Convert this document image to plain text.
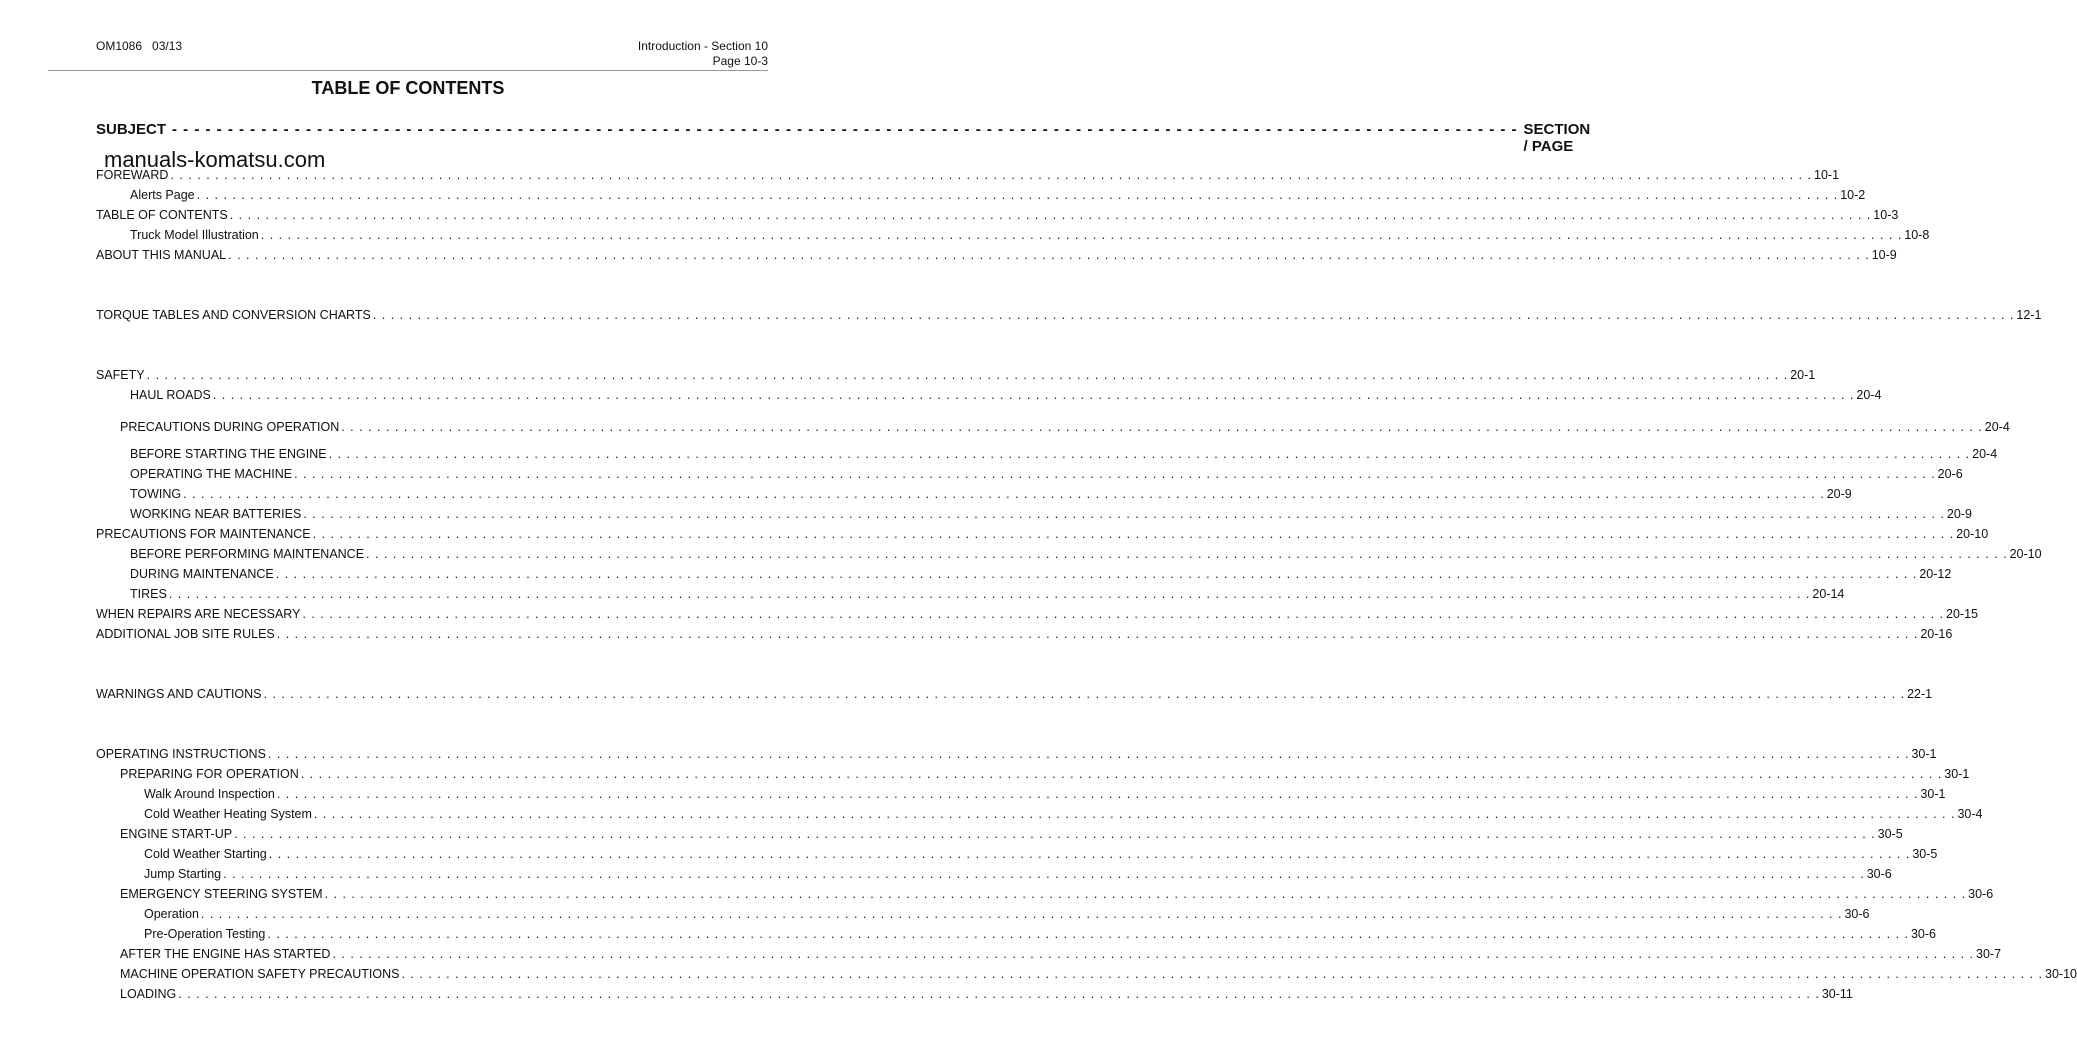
OM1086   03/13	Introduction - Section 10
Page 10-3
TABLE OF CONTENTS
SUBJECT - - - - - - - - - - - - - - - - - - - - - - - - - - - - - - - - - - - - - - - - - - - - - - - - - - - - - - - - - - - - - - - - - - - - - - - - - - - - - - - - - - - - - - - - - - - - - - - - - - - - - - - - - - - - - - - - - - - - - - - - - SECTION / PAGE
manuals-komatsu.com
FOREWARD . . . . . . . . . . . . . . . . . . . . . . . . . . . . . . . . . . . . . . . . . . . . . . . . . . . . . . . . . . . . . . . . . . . . . . . . . . . . . . . . . . . . . . . . . . . . . . . . . . . . . . . . . . . . . . . . . . . . . . . . . . . . . . . . . . . . . . . . . . . . . . . . . . . . . . . . . . . . . . . . . . . . . . . . . . . . . . . . . . . . . . . . 10-1
Alerts Page . . . . . . . . . . . . . . . . . . . . . . . . . . . . . . . . . . . . . . . . . . . . . . . . . . . . . . . . . . . . . . . . . . . . . . . . . . . . . . . . . . . . . . . . . . . . . . . . . . . . . . . . . . . . . . . . . . . . . . . . . . . . . . . . . . . . . . . . . . . . . . . . . . . . . . . . . . . . . . . . . . . . . . . . . . . . . . . . . . . . . . . . 10-2
TABLE OF CONTENTS . . . . . . . . . . . . . . . . . . . . . . . . . . . . . . . . . . . . . . . . . . . . . . . . . . . . . . . . . . . . . . . . . . . . . . . . . . . . . . . . . . . . . . . . . . . . . . . . . . . . . . . . . . . . . . . . . . . . . . . . . . . . . . . . . . . . . . . . . . . . . . . . . . . . . . . . . . . . . . . . . . . . . . . . . . . . . . . . . . . . . . . . 10-3
Truck Model Illustration . . . . . . . . . . . . . . . . . . . . . . . . . . . . . . . . . . . . . . . . . . . . . . . . . . . . . . . . . . . . . . . . . . . . . . . . . . . . . . . . . . . . . . . . . . . . . . . . . . . . . . . . . . . . . . . . . . . . . . . . . . . . . . . . . . . . . . . . . . . . . . . . . . . . . . . . . . . . . . . . . . . . . . . . . . . . . . . . . . . . . . . . 10-8
ABOUT THIS MANUAL . . . . . . . . . . . . . . . . . . . . . . . . . . . . . . . . . . . . . . . . . . . . . . . . . . . . . . . . . . . . . . . . . . . . . . . . . . . . . . . . . . . . . . . . . . . . . . . . . . . . . . . . . . . . . . . . . . . . . . . . . . . . . . . . . . . . . . . . . . . . . . . . . . . . . . . . . . . . . . . . . . . . . . . . . . . . . . . . . . . . . . . . 10-9
TORQUE TABLES AND CONVERSION CHARTS . . . . . . . . . . . . . . . . . . . . . . . . . . . . . . . . . . . . . . . . . . . . . . . . . . . . . . . . . . . . . . . . . . . . . . . . . . . . . . . . . . . . . . . . . . . . . . . . . . . . . . . . . . . . . . . . . . . . . . . . . . . . . . . . . . . . . . . . . . . . . . . . . . . . . . . . . . . . . . . . . . . . . . . . . . . . . . . . . . . . . . . . 12-1
SAFETY . . . . . . . . . . . . . . . . . . . . . . . . . . . . . . . . . . . . . . . . . . . . . . . . . . . . . . . . . . . . . . . . . . . . . . . . . . . . . . . . . . . . . . . . . . . . . . . . . . . . . . . . . . . . . . . . . . . . . . . . . . . . . . . . . . . . . . . . . . . . . . . . . . . . . . . . . . . . . . . . . . . . . . . . . . . . . . . . . . . . . . . . 20-1
HAUL ROADS . . . . . . . . . . . . . . . . . . . . . . . . . . . . . . . . . . . . . . . . . . . . . . . . . . . . . . . . . . . . . . . . . . . . . . . . . . . . . . . . . . . . . . . . . . . . . . . . . . . . . . . . . . . . . . . . . . . . . . . . . . . . . . . . . . . . . . . . . . . . . . . . . . . . . . . . . . . . . . . . . . . . . . . . . . . . . . . . . . . . . . . . 20-4
PRECAUTIONS DURING OPERATION . . . . . . . . . . . . . . . . . . . . . . . . . . . . . . . . . . . . . . . . . . . . . . . . . . . . . . . . . . . . . . . . . . . . . . . . . . . . . . . . . . . . . . . . . . . . . . . . . . . . . . . . . . . . . . . . . . . . . . . . . . . . . . . . . . . . . . . . . . . . . . . . . . . . . . . . . . . . . . . . . . . . . . . . . . . . . . . . . . . . . . . . 20-4
BEFORE STARTING THE ENGINE . . . . . . . . . . . . . . . . . . . . . . . . . . . . . . . . . . . . . . . . . . . . . . . . . . . . . . . . . . . . . . . . . . . . . . . . . . . . . . . . . . . . . . . . . . . . . . . . . . . . . . . . . . . . . . . . . . . . . . . . . . . . . . . . . . . . . . . . . . . . . . . . . . . . . . . . . . . . . . . . . . . . . . . . . . . . . . . . . . . . . . . . 20-4
OPERATING THE MACHINE . . . . . . . . . . . . . . . . . . . . . . . . . . . . . . . . . . . . . . . . . . . . . . . . . . . . . . . . . . . . . . . . . . . . . . . . . . . . . . . . . . . . . . . . . . . . . . . . . . . . . . . . . . . . . . . . . . . . . . . . . . . . . . . . . . . . . . . . . . . . . . . . . . . . . . . . . . . . . . . . . . . . . . . . . . . . . . . . . . . . . . . . 20-6
TOWING . . . . . . . . . . . . . . . . . . . . . . . . . . . . . . . . . . . . . . . . . . . . . . . . . . . . . . . . . . . . . . . . . . . . . . . . . . . . . . . . . . . . . . . . . . . . . . . . . . . . . . . . . . . . . . . . . . . . . . . . . . . . . . . . . . . . . . . . . . . . . . . . . . . . . . . . . . . . . . . . . . . . . . . . . . . . . . . . . . . . . . . . 20-9
WORKING NEAR BATTERIES . . . . . . . . . . . . . . . . . . . . . . . . . . . . . . . . . . . . . . . . . . . . . . . . . . . . . . . . . . . . . . . . . . . . . . . . . . . . . . . . . . . . . . . . . . . . . . . . . . . . . . . . . . . . . . . . . . . . . . . . . . . . . . . . . . . . . . . . . . . . . . . . . . . . . . . . . . . . . . . . . . . . . . . . . . . . . . . . . . . . . . . . 20-9
PRECAUTIONS FOR MAINTENANCE . . . . . . . . . . . . . . . . . . . . . . . . . . . . . . . . . . . . . . . . . . . . . . . . . . . . . . . . . . . . . . . . . . . . . . . . . . . . . . . . . . . . . . . . . . . . . . . . . . . . . . . . . . . . . . . . . . . . . . . . . . . . . . . . . . . . . . . . . . . . . . . . . . . . . . . . . . . . . . . . . . . . . . . . . . . . . . . . . . . . . . . . 20-10
BEFORE PERFORMING MAINTENANCE . . . . . . . . . . . . . . . . . . . . . . . . . . . . . . . . . . . . . . . . . . . . . . . . . . . . . . . . . . . . . . . . . . . . . . . . . . . . . . . . . . . . . . . . . . . . . . . . . . . . . . . . . . . . . . . . . . . . . . . . . . . . . . . . . . . . . . . . . . . . . . . . . . . . . . . . . . . . . . . . . . . . . . . . . . . . . . . . . . . . . . . . 20-10
DURING MAINTENANCE . . . . . . . . . . . . . . . . . . . . . . . . . . . . . . . . . . . . . . . . . . . . . . . . . . . . . . . . . . . . . . . . . . . . . . . . . . . . . . . . . . . . . . . . . . . . . . . . . . . . . . . . . . . . . . . . . . . . . . . . . . . . . . . . . . . . . . . . . . . . . . . . . . . . . . . . . . . . . . . . . . . . . . . . . . . . . . . . . . . . . . . . 20-12
TIRES . . . . . . . . . . . . . . . . . . . . . . . . . . . . . . . . . . . . . . . . . . . . . . . . . . . . . . . . . . . . . . . . . . . . . . . . . . . . . . . . . . . . . . . . . . . . . . . . . . . . . . . . . . . . . . . . . . . . . . . . . . . . . . . . . . . . . . . . . . . . . . . . . . . . . . . . . . . . . . . . . . . . . . . . . . . . . . . . . . . . . . . . 20-14
WHEN REPAIRS ARE NECESSARY . . . . . . . . . . . . . . . . . . . . . . . . . . . . . . . . . . . . . . . . . . . . . . . . . . . . . . . . . . . . . . . . . . . . . . . . . . . . . . . . . . . . . . . . . . . . . . . . . . . . . . . . . . . . . . . . . . . . . . . . . . . . . . . . . . . . . . . . . . . . . . . . . . . . . . . . . . . . . . . . . . . . . . . . . . . . . . . . . . . . . . . . 20-15
ADDITIONAL JOB SITE RULES . . . . . . . . . . . . . . . . . . . . . . . . . . . . . . . . . . . . . . . . . . . . . . . . . . . . . . . . . . . . . . . . . . . . . . . . . . . . . . . . . . . . . . . . . . . . . . . . . . . . . . . . . . . . . . . . . . . . . . . . . . . . . . . . . . . . . . . . . . . . . . . . . . . . . . . . . . . . . . . . . . . . . . . . . . . . . . . . . . . . . . . . 20-16
WARNINGS AND CAUTIONS . . . . . . . . . . . . . . . . . . . . . . . . . . . . . . . . . . . . . . . . . . . . . . . . . . . . . . . . . . . . . . . . . . . . . . . . . . . . . . . . . . . . . . . . . . . . . . . . . . . . . . . . . . . . . . . . . . . . . . . . . . . . . . . . . . . . . . . . . . . . . . . . . . . . . . . . . . . . . . . . . . . . . . . . . . . . . . . . . . . . . . . . 22-1
OPERATING INSTRUCTIONS . . . . . . . . . . . . . . . . . . . . . . . . . . . . . . . . . . . . . . . . . . . . . . . . . . . . . . . . . . . . . . . . . . . . . . . . . . . . . . . . . . . . . . . . . . . . . . . . . . . . . . . . . . . . . . . . . . . . . . . . . . . . . . . . . . . . . . . . . . . . . . . . . . . . . . . . . . . . . . . . . . . . . . . . . . . . . . . . . . . . . . . . 30-1
PREPARING FOR OPERATION . . . . . . . . . . . . . . . . . . . . . . . . . . . . . . . . . . . . . . . . . . . . . . . . . . . . . . . . . . . . . . . . . . . . . . . . . . . . . . . . . . . . . . . . . . . . . . . . . . . . . . . . . . . . . . . . . . . . . . . . . . . . . . . . . . . . . . . . . . . . . . . . . . . . . . . . . . . . . . . . . . . . . . . . . . . . . . . . . . . . . . . . 30-1
Walk Around Inspection . . . . . . . . . . . . . . . . . . . . . . . . . . . . . . . . . . . . . . . . . . . . . . . . . . . . . . . . . . . . . . . . . . . . . . . . . . . . . . . . . . . . . . . . . . . . . . . . . . . . . . . . . . . . . . . . . . . . . . . . . . . . . . . . . . . . . . . . . . . . . . . . . . . . . . . . . . . . . . . . . . . . . . . . . . . . . . . . . . . . . . . . 30-1
Cold Weather Heating System . . . . . . . . . . . . . . . . . . . . . . . . . . . . . . . . . . . . . . . . . . . . . . . . . . . . . . . . . . . . . . . . . . . . . . . . . . . . . . . . . . . . . . . . . . . . . . . . . . . . . . . . . . . . . . . . . . . . . . . . . . . . . . . . . . . . . . . . . . . . . . . . . . . . . . . . . . . . . . . . . . . . . . . . . . . . . . . . . . . . . . . . 30-4
ENGINE START-UP . . . . . . . . . . . . . . . . . . . . . . . . . . . . . . . . . . . . . . . . . . . . . . . . . . . . . . . . . . . . . . . . . . . . . . . . . . . . . . . . . . . . . . . . . . . . . . . . . . . . . . . . . . . . . . . . . . . . . . . . . . . . . . . . . . . . . . . . . . . . . . . . . . . . . . . . . . . . . . . . . . . . . . . . . . . . . . . . . . . . . . . . 30-5
Cold Weather Starting . . . . . . . . . . . . . . . . . . . . . . . . . . . . . . . . . . . . . . . . . . . . . . . . . . . . . . . . . . . . . . . . . . . . . . . . . . . . . . . . . . . . . . . . . . . . . . . . . . . . . . . . . . . . . . . . . . . . . . . . . . . . . . . . . . . . . . . . . . . . . . . . . . . . . . . . . . . . . . . . . . . . . . . . . . . . . . . . . . . . . . . . 30-5
Jump Starting . . . . . . . . . . . . . . . . . . . . . . . . . . . . . . . . . . . . . . . . . . . . . . . . . . . . . . . . . . . . . . . . . . . . . . . . . . . . . . . . . . . . . . . . . . . . . . . . . . . . . . . . . . . . . . . . . . . . . . . . . . . . . . . . . . . . . . . . . . . . . . . . . . . . . . . . . . . . . . . . . . . . . . . . . . . . . . . . . . . . . . . . 30-6
EMERGENCY STEERING SYSTEM . . . . . . . . . . . . . . . . . . . . . . . . . . . . . . . . . . . . . . . . . . . . . . . . . . . . . . . . . . . . . . . . . . . . . . . . . . . . . . . . . . . . . . . . . . . . . . . . . . . . . . . . . . . . . . . . . . . . . . . . . . . . . . . . . . . . . . . . . . . . . . . . . . . . . . . . . . . . . . . . . . . . . . . . . . . . . . . . . . . . . . . . 30-6
Operation . . . . . . . . . . . . . . . . . . . . . . . . . . . . . . . . . . . . . . . . . . . . . . . . . . . . . . . . . . . . . . . . . . . . . . . . . . . . . . . . . . . . . . . . . . . . . . . . . . . . . . . . . . . . . . . . . . . . . . . . . . . . . . . . . . . . . . . . . . . . . . . . . . . . . . . . . . . . . . . . . . . . . . . . . . . . . . . . . . . . . . . . 30-6
Pre-Operation Testing . . . . . . . . . . . . . . . . . . . . . . . . . . . . . . . . . . . . . . . . . . . . . . . . . . . . . . . . . . . . . . . . . . . . . . . . . . . . . . . . . . . . . . . . . . . . . . . . . . . . . . . . . . . . . . . . . . . . . . . . . . . . . . . . . . . . . . . . . . . . . . . . . . . . . . . . . . . . . . . . . . . . . . . . . . . . . . . . . . . . . . . . 30-6
AFTER THE ENGINE HAS STARTED . . . . . . . . . . . . . . . . . . . . . . . . . . . . . . . . . . . . . . . . . . . . . . . . . . . . . . . . . . . . . . . . . . . . . . . . . . . . . . . . . . . . . . . . . . . . . . . . . . . . . . . . . . . . . . . . . . . . . . . . . . . . . . . . . . . . . . . . . . . . . . . . . . . . . . . . . . . . . . . . . . . . . . . . . . . . . . . . . . . . . . . . 30-7
MACHINE OPERATION SAFETY PRECAUTIONS . . . . . . . . . . . . . . . . . . . . . . . . . . . . . . . . . . . . . . . . . . . . . . . . . . . . . . . . . . . . . . . . . . . . . . . . . . . . . . . . . . . . . . . . . . . . . . . . . . . . . . . . . . . . . . . . . . . . . . . . . . . . . . . . . . . . . . . . . . . . . . . . . . . . . . . . . . . . . . . . . . . . . . . . . . . . . . . . . . . . . . . . 30-10
LOADING . . . . . . . . . . . . . . . . . . . . . . . . . . . . . . . . . . . . . . . . . . . . . . . . . . . . . . . . . . . . . . . . . . . . . . . . . . . . . . . . . . . . . . . . . . . . . . . . . . . . . . . . . . . . . . . . . . . . . . . . . . . . . . . . . . . . . . . . . . . . . . . . . . . . . . . . . . . . . . . . . . . . . . . . . . . . . . . . . . . . . . . . 30-11
